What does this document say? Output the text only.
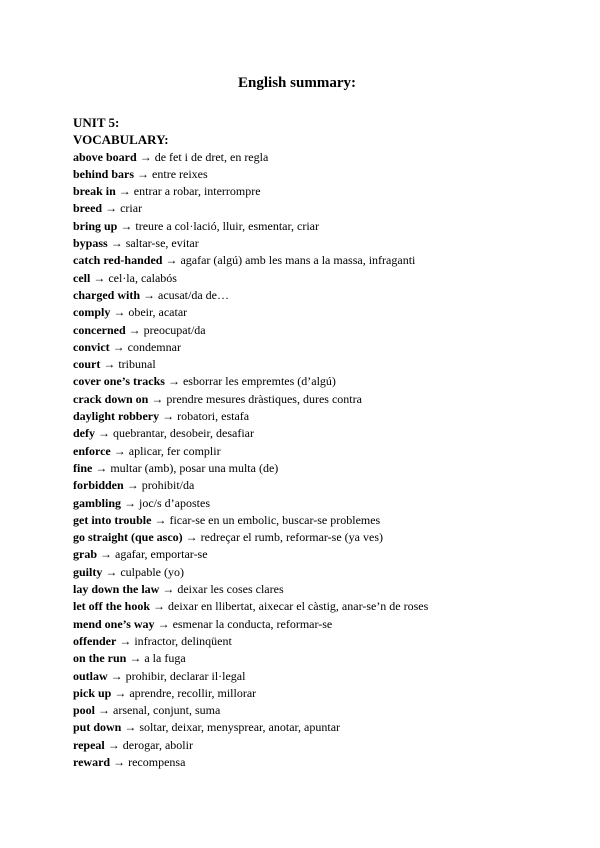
English summary:
UNIT 5:
VOCABULARY:
above board → de fet i de dret, en regla
behind bars → entre reixes
break in → entrar a robar, interrompre
breed → criar
bring up → treure a col·lació, lluir, esmentar, criar
bypass → saltar-se, evitar
catch red-handed → agafar (algú) amb les mans a la massa, infraganti
cell → cel·la, calabós
charged with → acusat/da de…
comply → obeir, acatar
concerned → preocupat/da
convict → condemnar
court → tribunal
cover one’s tracks → esborrar les empremtes (d’algú)
crack down on → prendre mesures dràstiques, dures contra
daylight robbery → robatori, estafa
defy → quebrantar, desobeir, desafiar
enforce → aplicar, fer complir
fine → multar (amb), posar una multa (de)
forbidden → prohibit/da
gambling → joc/s d’apostes
get into trouble → ficar-se en un embolic, buscar-se problemes
go straight (que asco) → redreçar el rumb, reformar-se (ya ves)
grab → agafar, emportar-se
guilty → culpable (yo)
lay down the law → deixar les coses clares
let off the hook → deixar en llibertat, aixecar el càstig, anar-se’n de roses
mend one’s way → esmenar la conducta, reformar-se
offender → infractor, delinqüent
on the run → a la fuga
outlaw → prohibir, declarar il·legal
pick up → aprendre, recollir, millorar
pool → arsenal, conjunt, suma
put down → soltar, deixar, menysprear, anotar, apuntar
repeal → derogar, abolir
reward → recompensa
